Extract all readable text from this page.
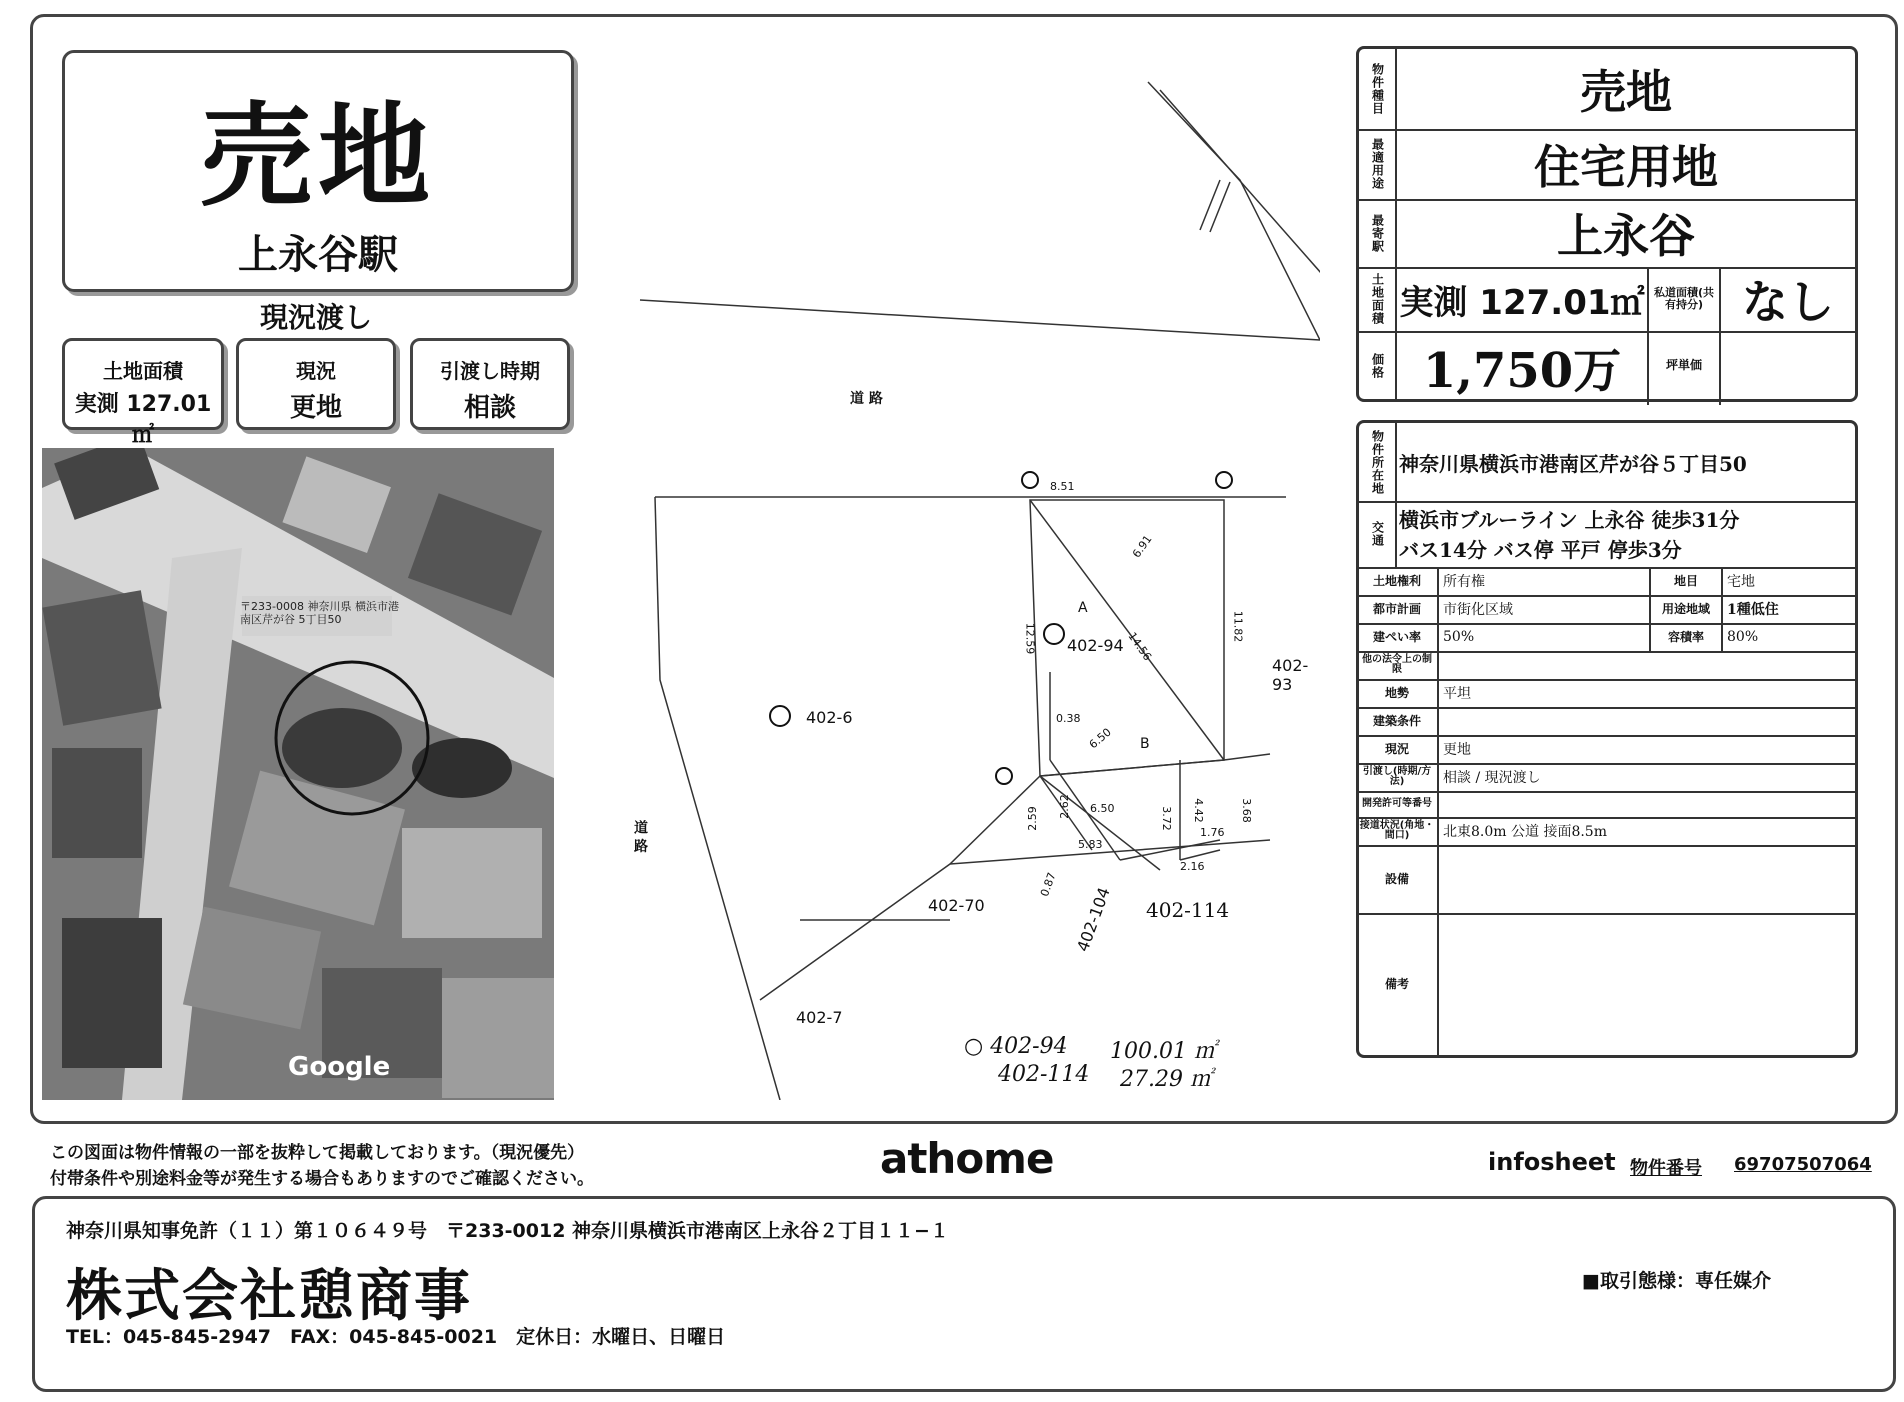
売地
上永谷駅
現況渡し
土地面積
実測 127.01㎡
現況
更地
引渡し時期
相談
〒233-0008 神奈川県 横浜市港南区芹が谷 5丁目50
Google
道 路
道 路
402-94
402-6
402-93
402-70
402-7
402-104 402-114
8.51
6.91
12.59	14.56
11.82
0.38
6.50
6.50	3.72 4.42	3.68
2.59 2.62
5.83
1.76
2.16
0.87
A
B
○ 402-94 100.01 ㎡
402-114 27.29 ㎡
物件種目	売地
最適用途	住宅用地
最寄駅	上永谷
土地面積 実測 127.01㎡ 私道面積(共有持分) なし
価格 1,750万	坪単価
物件所在地 神奈川県横浜市港南区芹が谷５丁目50
交通
横浜市ブルーライン 上永谷 徒歩31分
バス14分 バス停 平戸 停歩3分
土地権利	所有権	地目	宅地
都市計画	市街化区域	用途地域	1種低住
建ぺい率	50%	容積率	80%
他の法令上の制限
地勢	平坦
建築条件
現況	更地
引渡し(時期/方法)	相談 / 現況渡し
開発許可等番号
接道状況(角地・間口)	北東8.0m 公道 接面8.5m
設備
備考
この図面は物件情報の一部を抜粋して掲載しております。（現況優先）
付帯条件や別途料金等が発生する場合もありますのでご確認ください。	athome	infosheet 物件番号 69707507064
神奈川県知事免許（１１）第１０６４９号　〒233-0012 神奈川県横浜市港南区上永谷２丁目１１−１
株式会社憩商事
TEL：045-845-2947　FAX：045-845-0021　定休日：水曜日、日曜日
■取引態様：専任媒介
